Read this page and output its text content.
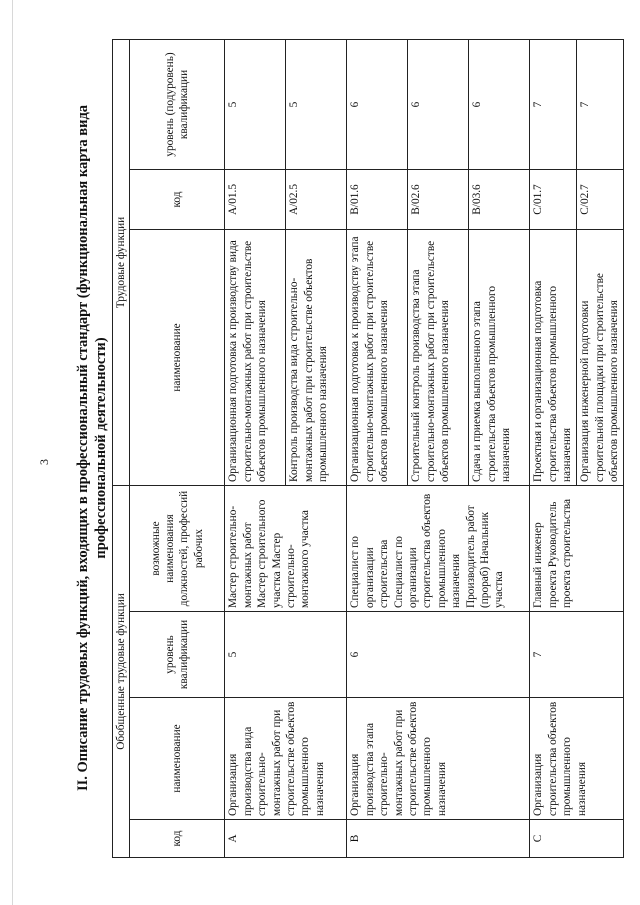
3 II. Описание трудовых функций, входящих в профессиональный стандарт (функциональная карта вида профессиональной деятельности)
Обобщенные трудовые функции				Трудовые функции		
код	наименование	уровень квалификации	возможные наименования должностей, профессий рабочих	наименование	код	уровень (подуровень) квалификации
A	Организация производства вида строительно-монтажных работ при строительстве объектов промышленного назначения	5	Мастер строительно-монтажных работ Мастер строительного участка Мастер строительно-монтажного участка	Организационная подготовка к производству вида строительно-монтажных работ при строительстве объектов промышленного назначения	A/01.5	5
				Контроль производства вида строительно-монтажных работ при строительстве объектов промышленного назначения	A/02.5	5
B	Организация производства этапа строительно-монтажных работ при строительстве объектов промышленного назначения	6	Специалист по организации строительства Специалист по организации строительства объектов промышленного назначения Производитель работ (прораб) Начальник участка	Организационная подготовка к производству этапа строительно-монтажных работ при строительстве объектов промышленного назначения	B/01.6	6
				Строительный контроль производства этапа строительно-монтажных работ при строительстве объектов промышленного назначения	B/02.6	6
				Сдача и приемка выполненного этапа строительства объектов промышленного назначения	B/03.6	6
C	Организация строительства объектов промышленного назначения	7	Главный инженер проекта Руководитель проекта строительства	Проектная и организационная подготовка строительства объектов промышленного назначения	C/01.7	7
				Организация инженерной подготовки строительной площадки при строительстве объектов промышленного назначения	C/02.7	7
